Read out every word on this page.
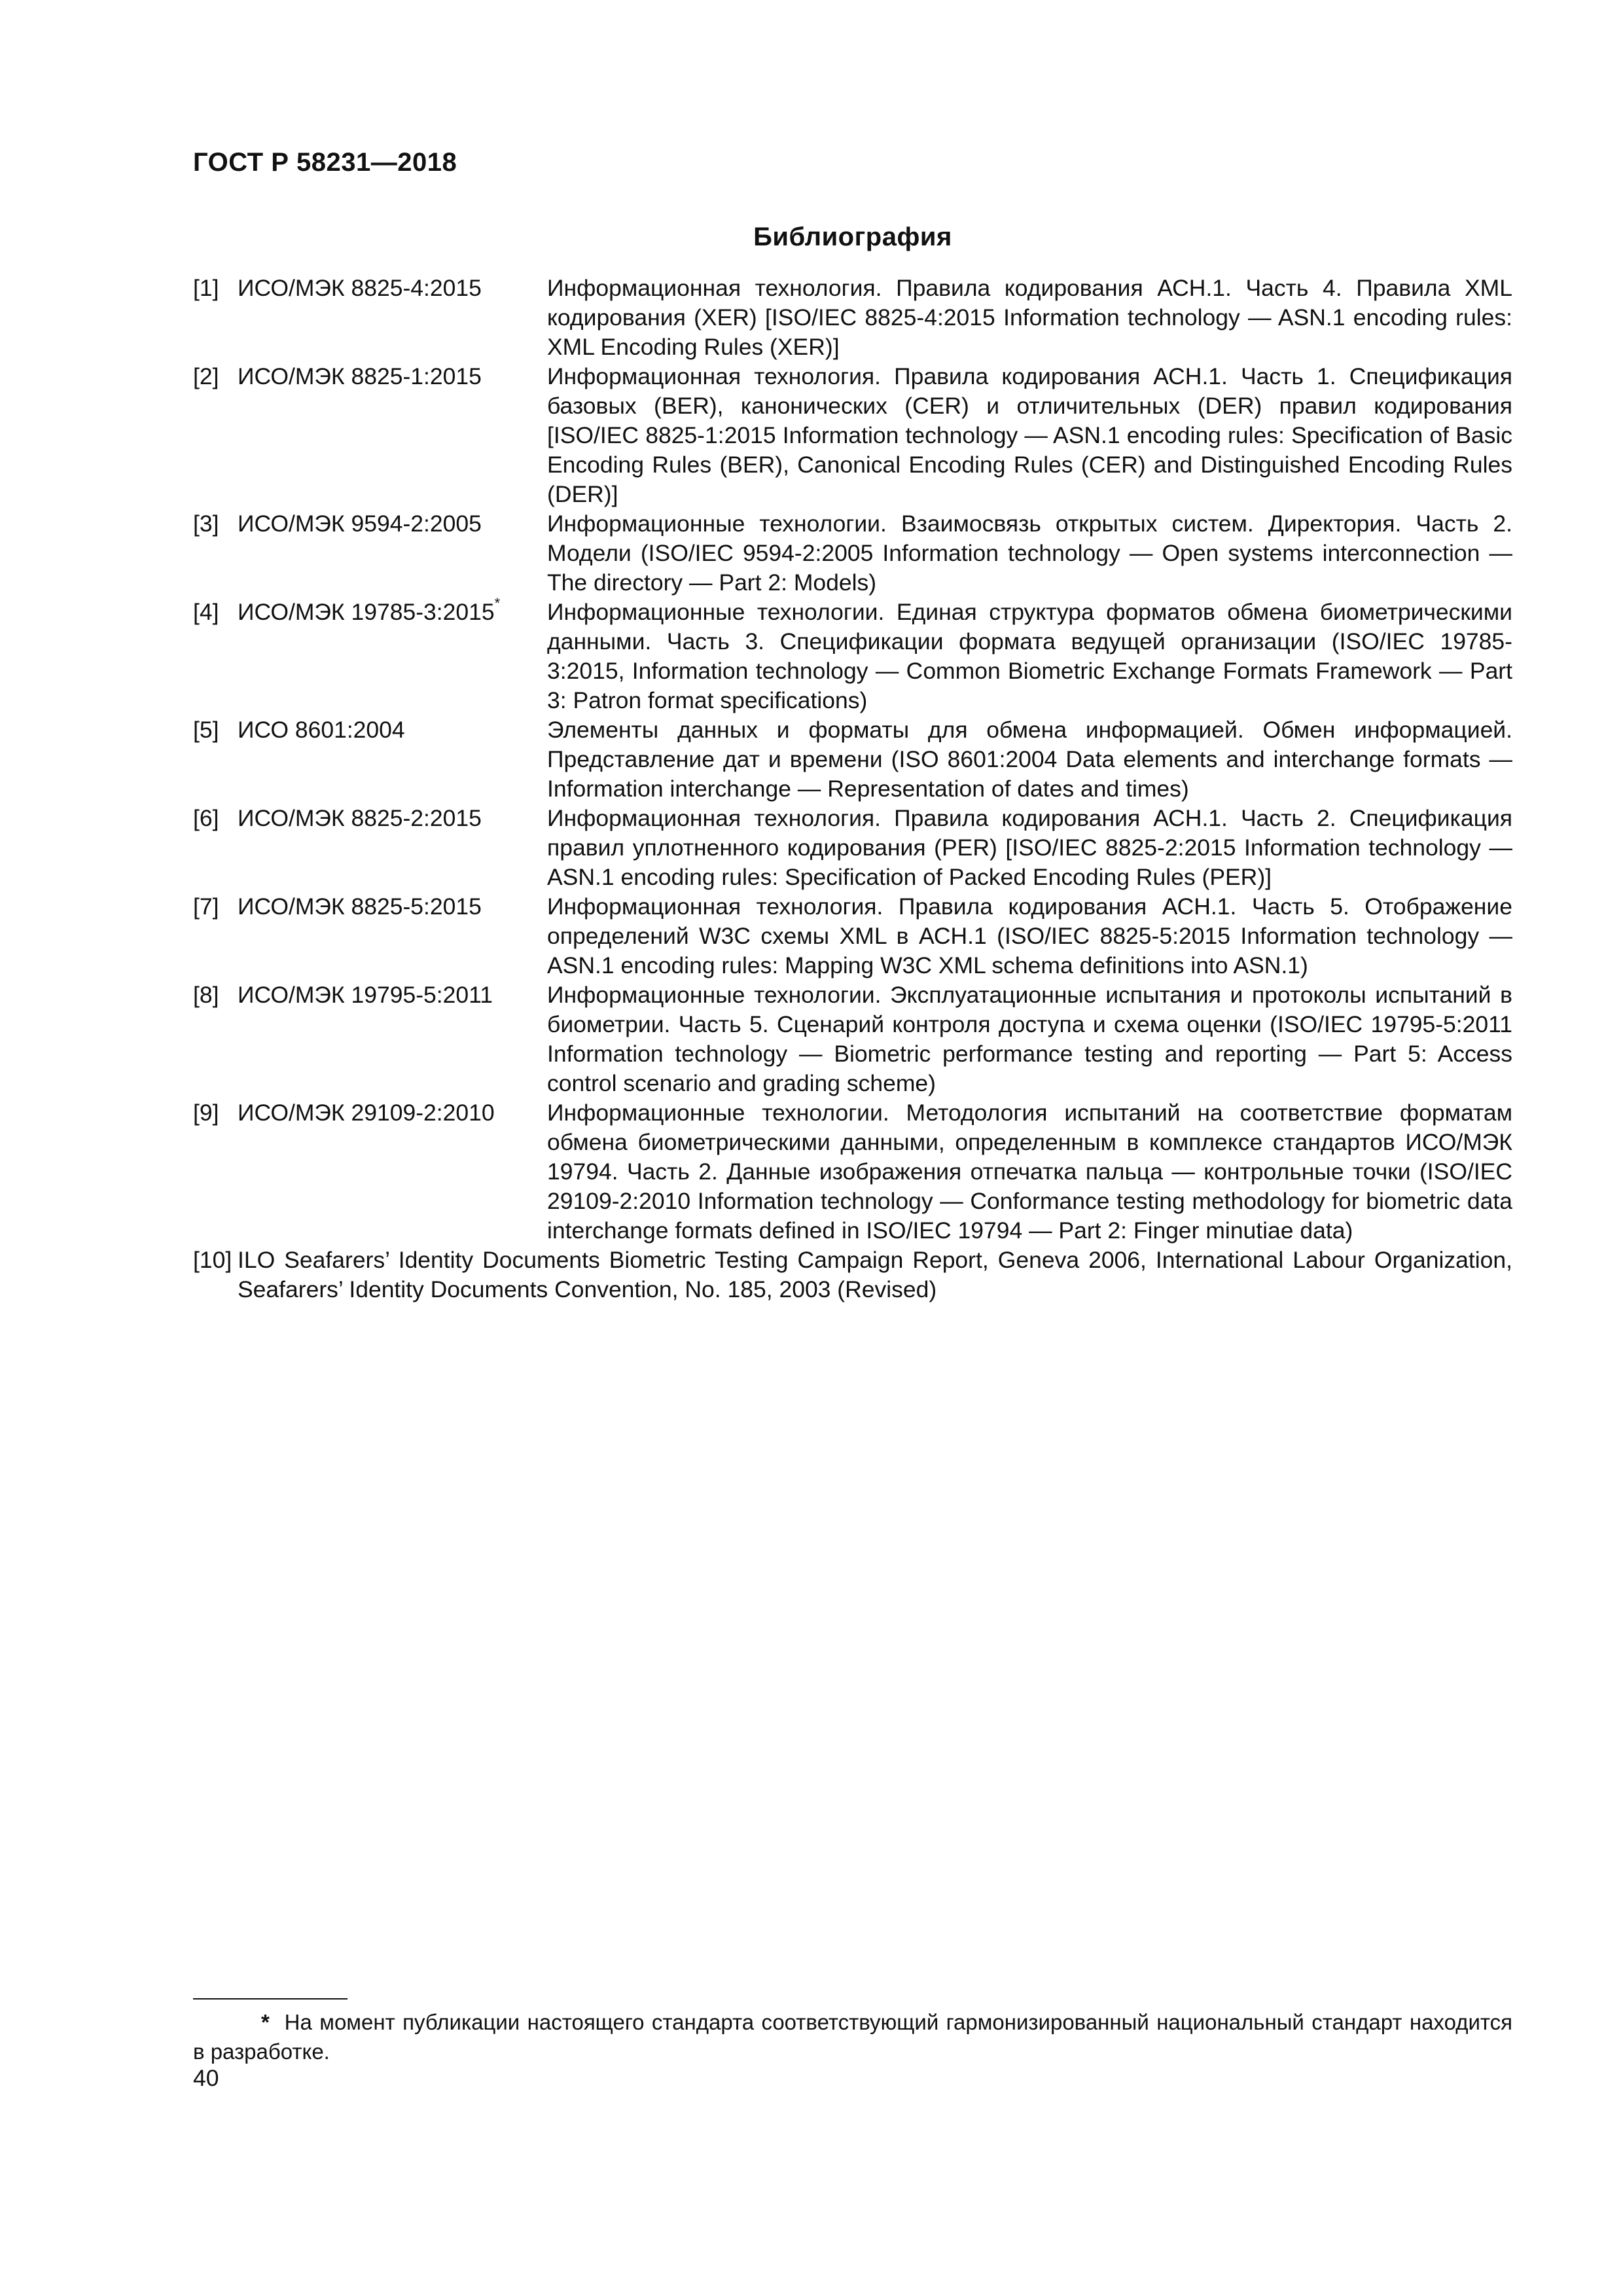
ГОСТ Р 58231—2018
Библиография
[1] ИСО/МЭК 8825-4:2015	Информационная технология. Правила кодирования АСН.1. Часть 4. Правила XML кодирования (XER) [ISO/IEC 8825-4:2015 Information technology — ASN.1 encoding rules: XML Encoding Rules (XER)]
[2] ИСО/МЭК 8825-1:2015	Информационная технология. Правила кодирования АСН.1. Часть 1. Спецификация базовых (BER), канонических (CER) и отличительных (DER) правил кодирования [ISO/IEC 8825-1:2015 Information technology — ASN.1 encoding rules: Specification of Basic Encoding Rules (BER), Canonical Encoding Rules (CER) and Distinguished Encoding Rules (DER)]
[3] ИСО/МЭК 9594-2:2005	Информационные технологии. Взаимосвязь открытых систем. Директория. Часть 2. Модели (ISO/IEC 9594-2:2005 Information technology — Open systems interconnection — The directory — Part 2: Models)
[4] ИСО/МЭК 19785-3:2015*	Информационные технологии. Единая структура форматов обмена биометрическими данными. Часть 3. Спецификации формата ведущей организации (ISO/IEC 19785-3:2015, Information technology — Common Biometric Exchange Formats Framework — Part 3: Patron format specifications)
[5] ИСО 8601:2004	Элементы данных и форматы для обмена информацией. Обмен информацией. Представление дат и времени (ISO 8601:2004 Data elements and interchange formats — Information interchange — Representation of dates and times)
[6] ИСО/МЭК 8825-2:2015	Информационная технология. Правила кодирования АСН.1. Часть 2. Спецификация правил уплотненного кодирования (PER) [ISO/IEC 8825-2:2015 Information technology — ASN.1 encoding rules: Specification of Packed Encoding Rules (PER)]
[7] ИСО/МЭК 8825-5:2015	Информационная технология. Правила кодирования АСН.1. Часть 5. Отображение определений W3C схемы XML в АСН.1 (ISO/IEC 8825-5:2015 Information technology — ASN.1 encoding rules: Mapping W3C XML schema definitions into ASN.1)
[8] ИСО/МЭК 19795-5:2011	Информационные технологии. Эксплуатационные испытания и протоколы испытаний в биометрии. Часть 5. Сценарий контроля доступа и схема оценки (ISO/IEC 19795-5:2011 Information technology — Biometric performance testing and reporting — Part 5: Access control scenario and grading scheme)
[9] ИСО/МЭК 29109-2:2010	Информационные технологии. Методология испытаний на соответствие форматам обмена биометрическими данными, определенным в комплексе стандартов ИСО/МЭК 19794. Часть 2. Данные изображения отпечатка пальца — контрольные точки (ISO/IEC 29109-2:2010 Information technology — Conformance testing methodology for biometric data interchange formats defined in ISO/IEC 19794 — Part 2: Finger minutiae data)
[10] ILO Seafarers’ Identity Documents Biometric Testing Campaign Report, Geneva 2006, International Labour Organization, Seafarers’ Identity Documents Convention, No. 185, 2003 (Revised)
* На момент публикации настоящего стандарта соответствующий гармонизированный национальный стандарт находится в разработке.
40
